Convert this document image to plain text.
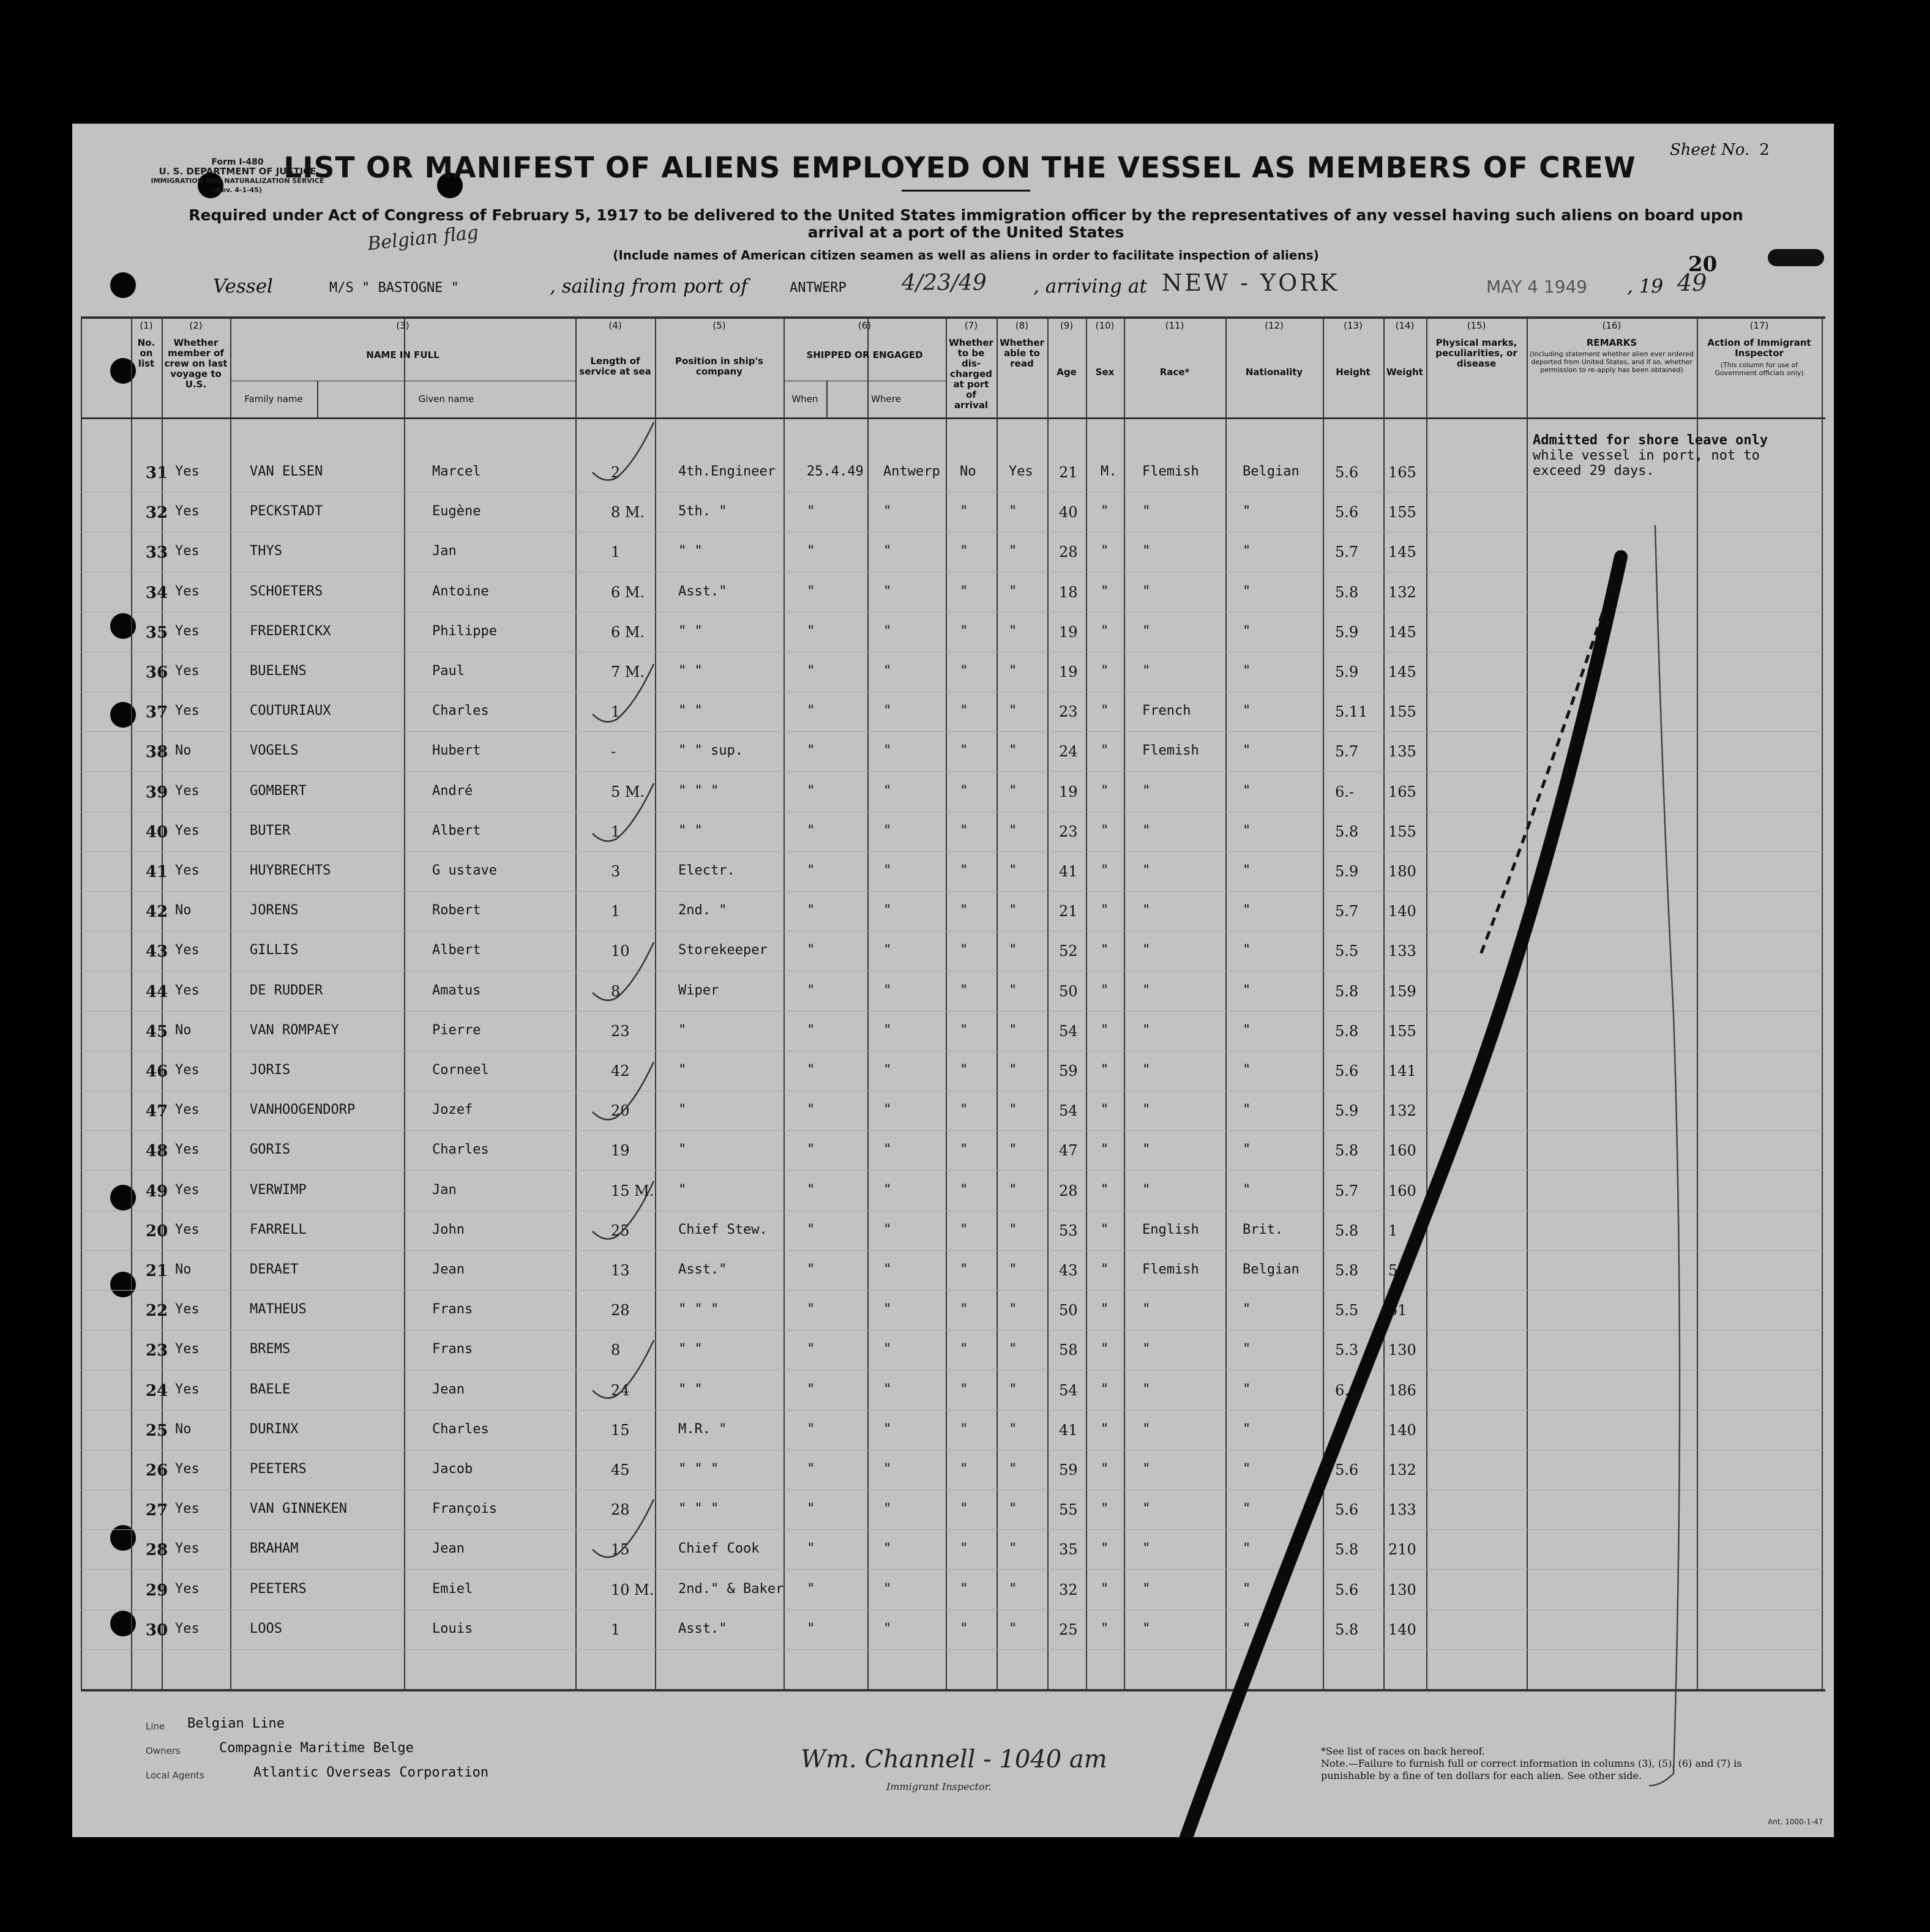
Form I-480
U. S. DEPARTMENT OF JUSTICE
IMMIGRATION AND NATURALIZATION SERVICE
(Rev. 4-1-45)
LIST OR MANIFEST OF ALIENS EMPLOYED ON THE VESSEL AS MEMBERS OF CREW
Sheet No. 2
Required under Act of Congress of February 5, 1917 to be delivered to the United States immigration officer by the representatives of any vessel having such aliens on board upon arrival at a port of the United States
(Include names of American citizen seamen as well as aliens in order to facilitate inspection of aliens)
Belgian flag
Vessel	M/S " BASTOGNE "	, sailing from port of	ANTWERP	4/23/49 , arriving at NEW - YORK	MAY 4 1949 , 19 49
20
(1)
No. on list
(2)
Whether member of crew on last voyage to U.S.
(3)
NAME IN FULL
(4)
Length of service at sea
(5)
Position in ship's company
(6)
SHIPPED OR ENGAGED
(7)
Whether to be dis-charged at port of arrival
(8)
Whether able to read
(9)
Age
(10)
Sex
(11)
Race*
(12)
Nationality
(13)
Height
(14)
Weight
(15)
Physical marks, peculiarities, or disease
(16)
REMARKS
(Including statement whether alien ever ordered deported from United States, and if so, whether permission to re-apply has been obtained)
(17)
Action of Immigrant Inspector
(This column for use of Government officials only)
Family name	Given name	When	Where
31 Yes	VAN ELSEN	Marcel	2	4th.Engineer 25.4.49 Antwerp No Yes 21 M. Flemish	Belgian 5.6 165
32 Yes	PECKSTADT	Eugène	8 M. 5th. "	"	"	"	"	40 " "	"	5.6 155
33 Yes	THYS	Jan	1	" "	"	"	"	"	28 " "	"	5.7 145
34 Yes	SCHOETERS	Antoine	6 M. Asst."	"	"	"	"	18 " "	"	5.8 132
35 Yes	FREDERICKX	Philippe	6 M. " "	"	"	"	"	19 " "	"	5.9 145
36 Yes	BUELENS	Paul	7 M. " "	"	"	"	"	19 " "	"	5.9 145
37 Yes	COUTURIAUX	Charles	1	" "	"	"	"	"	23 " French	"	5.11 155
38 No	VOGELS	Hubert	-	" " sup.	"	"	"	"	24 " Flemish	"	5.7 135
39 Yes	GOMBERT	André	5 M. " " "	"	"	"	"	19 " "	"	6.- 165
40 Yes	BUTER	Albert	1	" "	"	"	"	"	23 " "	"	5.8 155
41 Yes	HUYBRECHTS	G ustave	3	Electr.	"	"	"	"	41 " "	"	5.9 180
42 No	JORENS	Robert	1	2nd. "	"	"	"	"	21 " "	"	5.7 140
43 Yes	GILLIS	Albert	10	Storekeeper	"	"	"	"	52 " "	"	5.5 133
44 Yes	DE RUDDER	Amatus	8	Wiper	"	"	"	"	50 " "	"	5.8 159
45 No	VAN ROMPAEY	Pierre	23	"	"	"	"	"	54 " "	"	5.8 155
46 Yes	JORIS	Corneel	42	"	"	"	"	"	59 " "	"	5.6 141
47 Yes	VANHOOGENDORP	Jozef	20	"	"	"	"	"	54 " "	"	5.9 132
48 Yes	GORIS	Charles	19	"	"	"	"	"	47 " "	"	5.8 160
49 Yes	VERWIMP	Jan	15 M. "	"	"	"	"	28 " "	"	5.7 160
20 Yes	FARRELL	John	25	Chief Stew.	"	"	"	"	53 " English	Brit.	5.8 1
21 No	DERAET	Jean	13	Asst."	"	"	"	"	43 " Flemish	Belgian 5.8 5
22 Yes	MATHEUS	Frans	28	" " "	"	"	"	"	50 " "	"	5.5 51
23 Yes	BREMS	Frans	8	" "	"	"	"	"	58 " "	"	5.3 130
24 Yes	BAELE	Jean	24	" "	"	"	"	"	54 " "	"	6.	186
25 No	DURINX	Charles	15	M.R. "	"	"	"	"	41 " "	"	5	140
26 Yes	PEETERS	Jacob	45	" " "	"	"	"	"	59 " "	"	5.6 132
27 Yes	VAN GINNEKEN	François	28	" " "	"	"	"	"	55 " "	"	5.6 133
28 Yes	BRAHAM	Jean	15	Chief Cook	"	"	"	"	35 " "	"	5.8 210
29 Yes	PEETERS	Emiel	10 M. 2nd." & Baker "	"	"	"	32 " "	"	5.6 130
30 Yes	LOOS	Louis	1	Asst."	"	"	"	"	25 " "	"	5.8 140
Admitted for shore leave only
while vessel in port, not to
exceed 29 days.
Line Belgian Line
Owners	Compagnie Maritime Belge
Local Agents	Atlantic Overseas Corporation	Wm. Channell - 1040 am
Immigrant Inspector.
*See list of races on back hereof.
Note.—Failure to furnish full or correct information in columns (3), (5), (6) and (7) is punishable by a fine of ten dollars for each alien. See other side.
Ant. 1000-1-47
